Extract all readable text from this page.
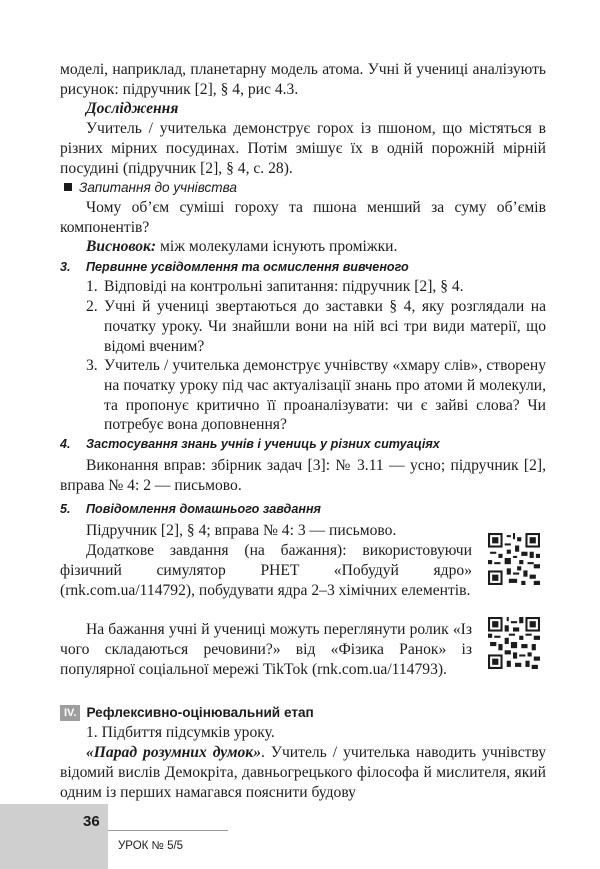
моделі, наприклад, планетарну модель атома. Учні й учениці аналізують рисунок: підручник [2], § 4, рис 4.3.

Дослідження

Учитель / учителька демонструє горох із пшоном, що містяться в різних мірних посудинах. Потім змішує їх в одній порожній мірній посудині (підручник [2], § 4, с. 28).

Запитання до учнівства

Чому об’єм суміші гороху та пшона менший за суму об’ємів компонентів?

Висновок: між молекулами існують проміжки.

3. Первинне усвідомлення та осмислення вивченого
1. Відповіді на контрольні запитання: підручник [2], § 4.

2. Учні й учениці звертаються до заставки § 4, яку розглядали на початку уроку. Чи знайшли вони на ній всі три види матерії, що відомі вченим?

3. Учитель / учителька демонструє учнівству «хмару слів», створену на початку уроку під час актуалізації знань про атоми й молекули, та пропонує критично її проаналізувати: чи є зайві слова? Чи потребує вона доповнення?

4. Застосування знань учнів і учениць у різних ситуаціях

Виконання вправ: збірник задач [3]: № 3.11 — усно; підручник [2], вправа № 4: 2 — письмово.

5. Повідомлення домашнього завдання

Підручник [2], § 4; вправа № 4: 3 — письмово.

Додаткове завдання (на бажання): використовуючи фізичний симулятор PHET «Побудуй ядро» (rnk.com.ua/114792), побудувати ядра 2–3 хімічних елементів.

На бажання учні й учениці можуть переглянути ролик «Із чого складаються речовини?» від «Фізика Ранок» із популярної соціальної мережі TikTok (rnk.com.ua/114793).

IV. Рефлексивно-оцінювальний етап

1. Підбиття підсумків уроку.

«Парад розумних думок». Учитель / учителька наводить учнівству відомий вислів Демокріта, давньогрецького філософа й мислителя, який одним із перших намагався пояснити будову

36
УРОК № 5/5
